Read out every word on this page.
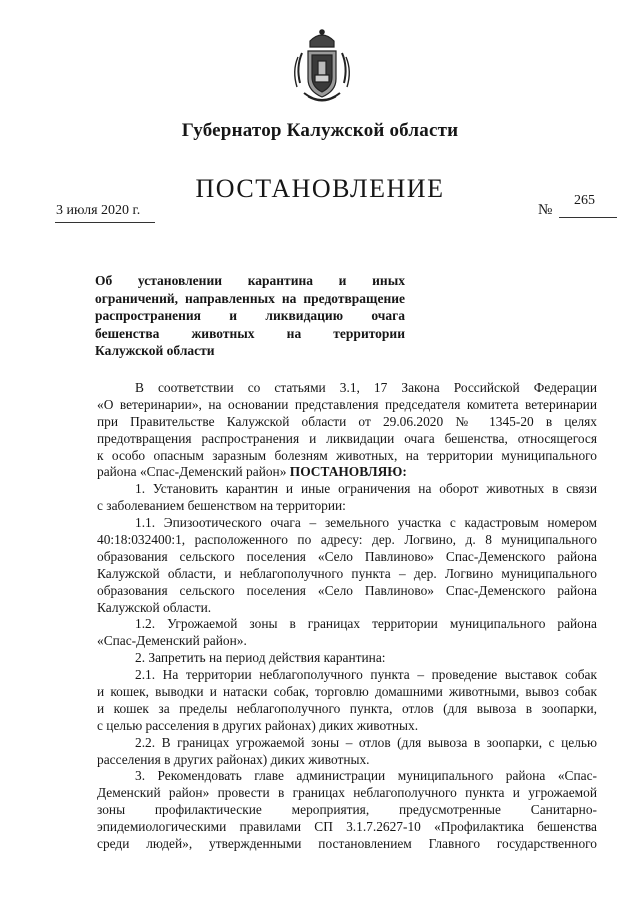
Губернатор Калужской области
ПОСТАНОВЛЕНИЕ
3 июля 2020 г.	№
265
Об установлении карантина и иных
ограничений, направленных на предотвращение
распространения и ликвидацию очага
бешенства животных на территории
Калужской области
В соответствии со статьями 3.1, 17 Закона Российской Федерации
«О ветеринарии», на основании представления председателя комитета ветеринарии
при Правительстве Калужской области от 29.06.2020 № 1345-20 в целях
предотвращения распространения и ликвидации очага бешенства, относящегося
к особо опасным заразным болезням животных, на территории муниципального
района «Спас-Деменский район» ПОСТАНОВЛЯЮ:
1. Установить карантин и иные ограничения на оборот животных в связи
с заболеванием бешенством на территории:
1.1. Эпизоотического очага – земельного участка с кадастровым номером
40:18:032400:1, расположенного по адресу: дер. Логвино, д. 8 муниципального
образования сельского поселения «Село Павлиново» Спас-Деменского района
Калужской области, и неблагополучного пункта – дер. Логвино муниципального
образования сельского поселения «Село Павлиново» Спас-Деменского района
Калужской области.
1.2. Угрожаемой зоны в границах территории муниципального района
«Спас-Деменский район».
2. Запретить на период действия карантина:
2.1. На территории неблагополучного пункта – проведение выставок собак
и кошек, выводки и натаски собак, торговлю домашними животными, вывоз собак
и кошек за пределы неблагополучного пункта, отлов (для вывоза в зоопарки,
с целью расселения в других районах) диких животных.
2.2. В границах угрожаемой зоны – отлов (для вывоза в зоопарки, с целью
расселения в других районах) диких животных.
3. Рекомендовать главе администрации муниципального района «Спас-
Деменский район» провести в границах неблагополучного пункта и угрожаемой
зоны профилактические мероприятия, предусмотренные Санитарно-
эпидемиологическими правилами СП 3.1.7.2627-10 «Профилактика бешенства
среди людей», утвержденными постановлением Главного государственного
